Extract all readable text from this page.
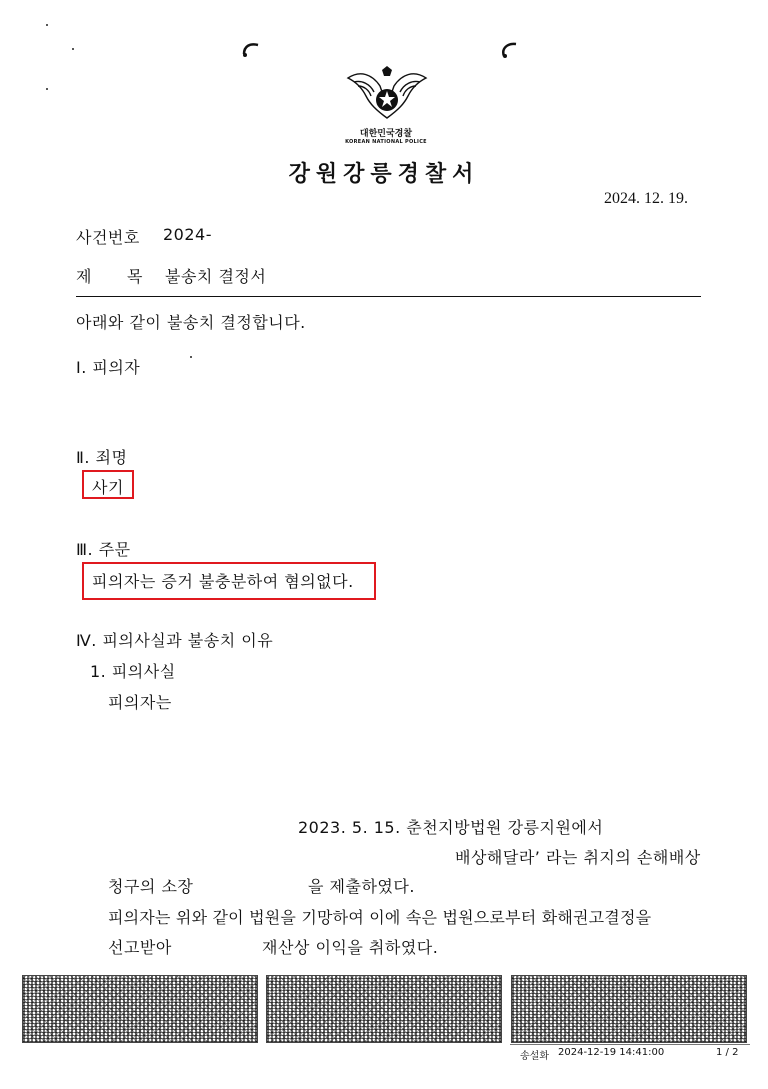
대한민국경찰
KOREAN NATIONAL POLICE
강원강릉경찰서
2024. 12. 19.
사건번호 2024-
제 목 불송치 결정서
아래와 같이 불송치 결정합니다.
Ⅰ. 피의자
Ⅱ. 죄명
사기
Ⅲ. 주문
피의자는 증거 불충분하여 혐의없다.
Ⅳ. 피의사실과 불송치 이유
1. 피의사실
피의자는
2023. 5. 15. 춘천지방법원 강릉지원에서
배상해달라’ 라는 취지의 손해배상
청구의 소장	을 제출하였다.
피의자는 위와 같이 법원을 기망하여 이에 속은 법원으로부터 화해권고결정을
선고받아	재산상 이익을 취하였다.
송설화 2024-12-19 14:41:00	1 / 2
